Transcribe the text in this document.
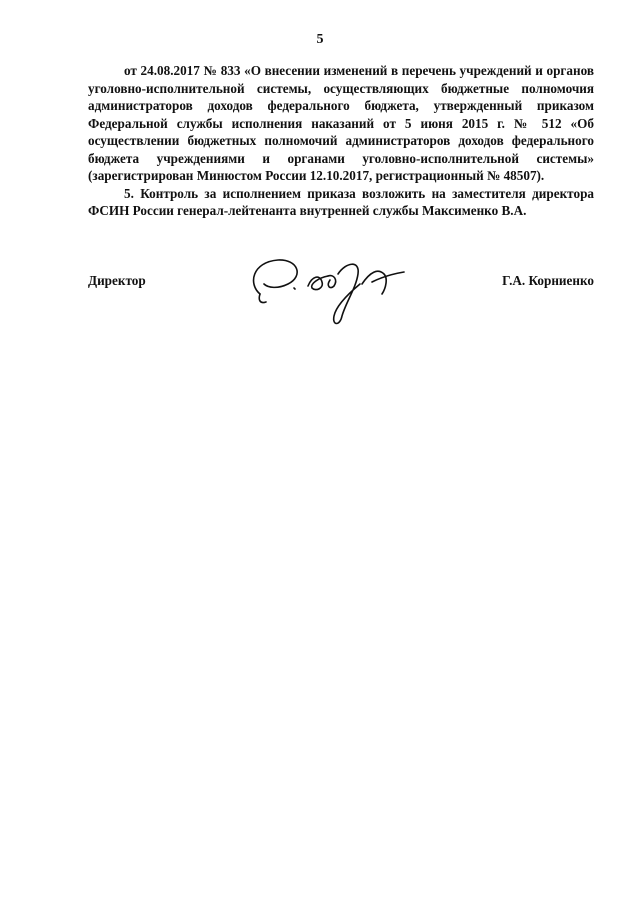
5

от 24.08.2017 № 833 «О внесении изменений в перечень учреждений и органов уголовно-исполнительной системы, осуществляющих бюджетные полномочия администраторов доходов федерального бюджета, утвержденный приказом Федеральной службы исполнения наказаний от 5 июня 2015 г. № 512 «Об осуществлении бюджетных полномочий администраторов доходов федерального бюджета учреждениями и органами уголовно-исполнительной системы» (зарегистрирован Минюстом России 12.10.2017, регистрационный № 48507).

5. Контроль за исполнением приказа возложить на заместителя директора ФСИН России генерал-лейтенанта внутренней службы Максименко В.А.

Директор	Г.А. Корниенко
